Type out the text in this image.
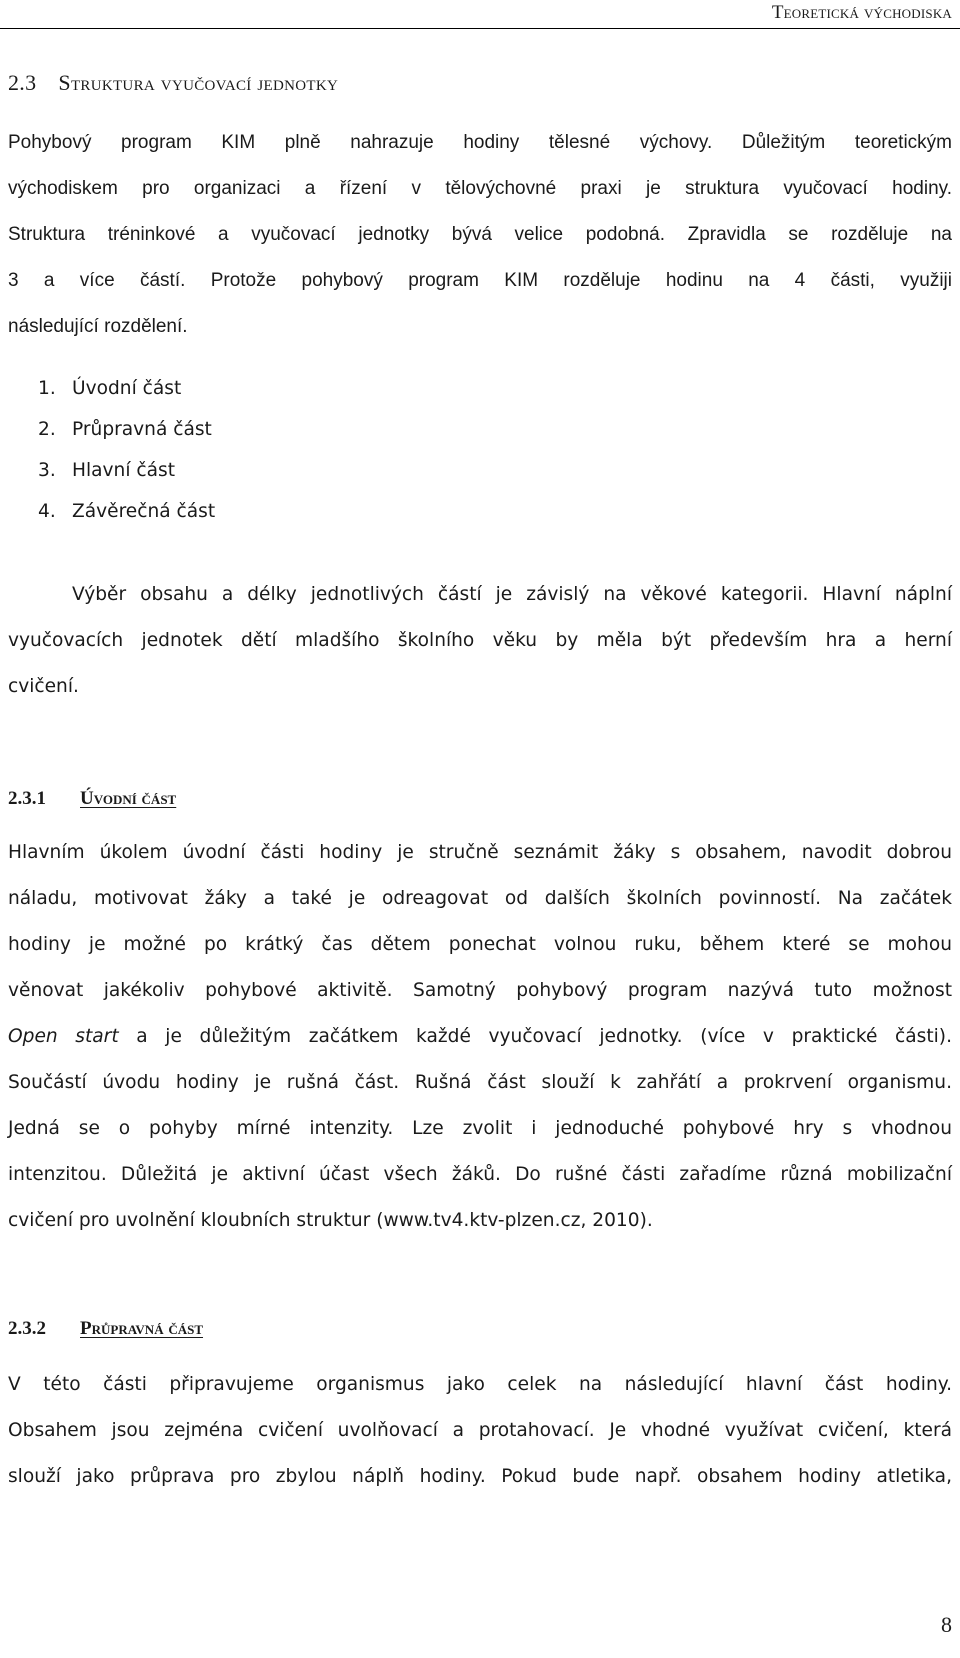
Teoretická východiska
2.3 Struktura vyučovací jednotky
Pohybový program KIM plně nahrazuje hodiny tělesné výchovy. Důležitým teoretickým
východiskem pro organizaci a řízení v tělovýchovné praxi je struktura vyučovací hodiny.
Struktura tréninkové a vyučovací jednotky bývá velice podobná. Zpravidla se rozděluje na
3 a více částí. Protože pohybový program KIM rozděluje hodinu na 4 části, využiji
následující rozdělení.
1. Úvodní část
2. Průpravná část
3. Hlavní část
4. Závěrečná část
Výběr obsahu a délky jednotlivých částí je závislý na věkové kategorii. Hlavní náplní
vyučovacích jednotek dětí mladšího školního věku by měla být především hra a herní
cvičení.
2.3.1 Úvodní část
Hlavním úkolem úvodní části hodiny je stručně seznámit žáky s obsahem, navodit dobrou
náladu, motivovat žáky a také je odreagovat od dalších školních povinností. Na začátek
hodiny je možné po krátký čas dětem ponechat volnou ruku, během které se mohou
věnovat jakékoliv pohybové aktivitě. Samotný pohybový program nazývá tuto možnost
Open start a je důležitým začátkem každé vyučovací jednotky. (více v praktické části).
Součástí úvodu hodiny je rušná část. Rušná část slouží k zahřátí a prokrvení organismu.
Jedná se o pohyby mírné intenzity. Lze zvolit i jednoduché pohybové hry s vhodnou
intenzitou. Důležitá je aktivní účast všech žáků. Do rušné části zařadíme různá mobilizační
cvičení pro uvolnění kloubních struktur (www.tv4.ktv-plzen.cz, 2010).
2.3.2 Průpravná část
V této části připravujeme organismus jako celek na následující hlavní část hodiny.
Obsahem jsou zejména cvičení uvolňovací a protahovací. Je vhodné využívat cvičení, která
slouží jako průprava pro zbylou náplň hodiny. Pokud bude např. obsahem hodiny atletika,
8
